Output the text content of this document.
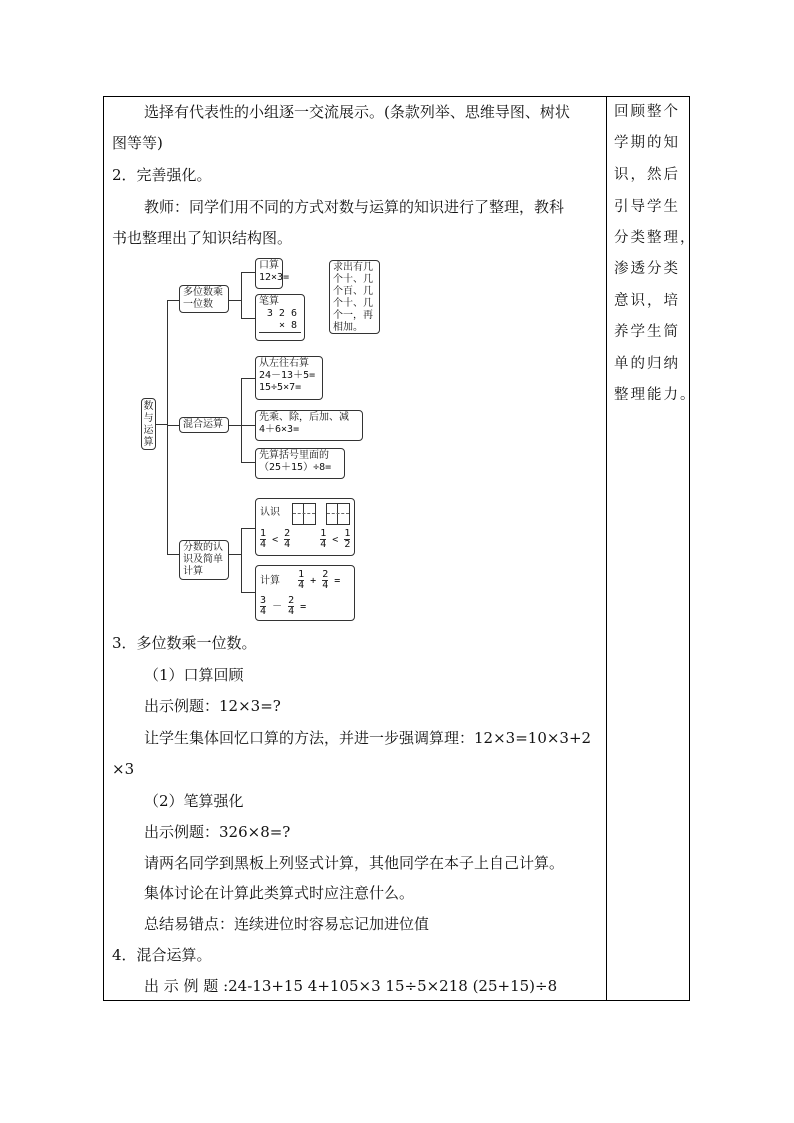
选择有代表性的小组逐一交流展示。(条款列举、思维导图、树状
图等等)
2．完善强化。
教师：同学们用不同的方式对数与运算的知识进行了整理，教科
书也整理出了知识结构图。
数
与
运
算
多位数乘
一位数
口算
12×3=
笔算
3 2 6
× 8
求出有几
个十、几
个百、几
个十、几
个一，再
相加。
混合运算
从左往右算
24－13＋5=
15÷5×7=
先乘、除，后加、减
4＋6×3=
先算括号里面的
（25＋15）÷8=
分数的认
识及简单
计算
认识
$\frac{1}{4} < \frac{2}{4}$
	$\frac{1}{4} < \frac{1}{2}$
计算 $\frac{1}{4} + \frac{2}{4}$ =
$\frac{3}{4} - \frac{2}{4}$ =
3．多位数乘一位数。
（1）口算回顾
出示例题：12×3=?
让学生集体回忆口算的方法，并进一步强调算理：12×3=10×3+2
×3
（2）笔算强化
出示例题：326×8=?
请两名同学到黑板上列竖式计算，其他同学在本子上自己计算。
集体讨论在计算此类算式时应注意什么。
总结易错点：连续进位时容易忘记加进位值
4．混合运算。
出 示 例 题 :24-13+15 4+105×3 15÷5×218 (25+15)÷8
回顾整个
学期的知
识，然后
引导学生
分类整理，
渗透分类
意识，培
养学生简
单的归纳
整理能力。
